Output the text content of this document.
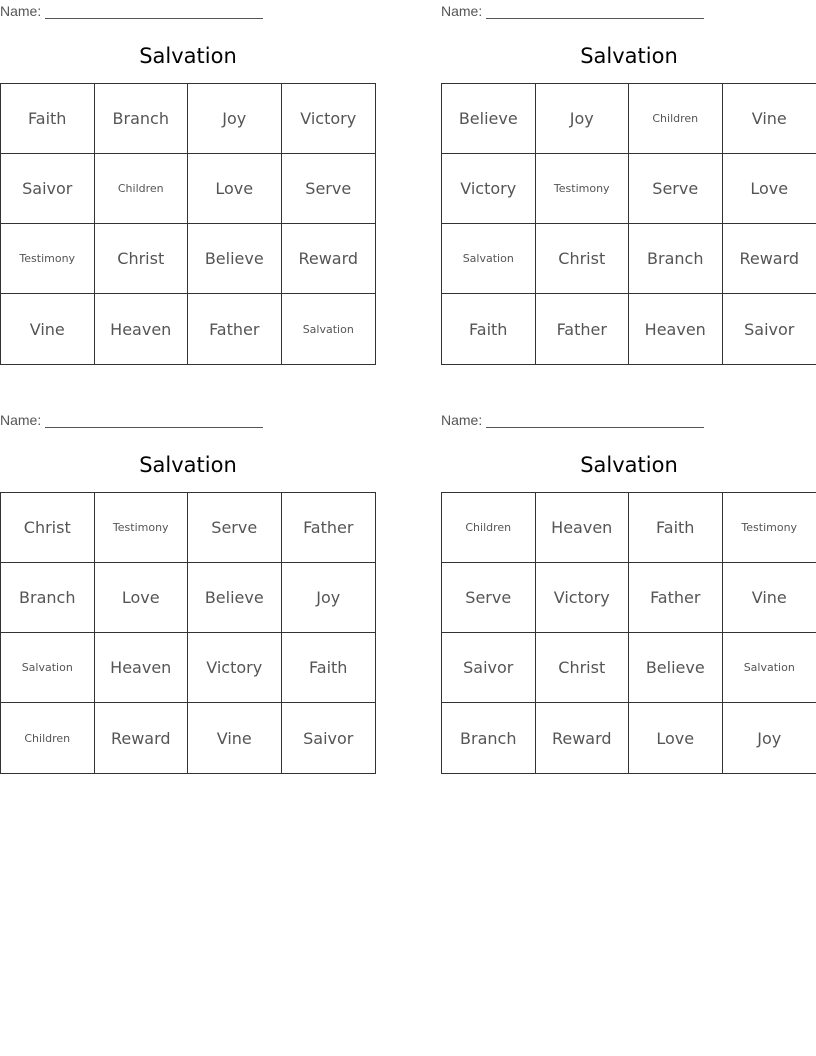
Name:
Salvation
Faith	Branch	Joy	Victory
Saivor	Children	Love	Serve
Testimony	Christ	Believe	Reward
Vine	Heaven	Father	Salvation
Name:
Salvation
Believe	Joy	Children	Vine
Victory	Testimony	Serve	Love
Salvation	Christ	Branch	Reward
Faith	Father	Heaven	Saivor
Name:
Salvation
Christ	Testimony	Serve	Father
Branch	Love	Believe	Joy
Salvation	Heaven	Victory	Faith
Children	Reward	Vine	Saivor
Name:
Salvation
Children	Heaven	Faith	Testimony
Serve	Victory	Father	Vine
Saivor	Christ	Believe	Salvation
Branch	Reward	Love	Joy
